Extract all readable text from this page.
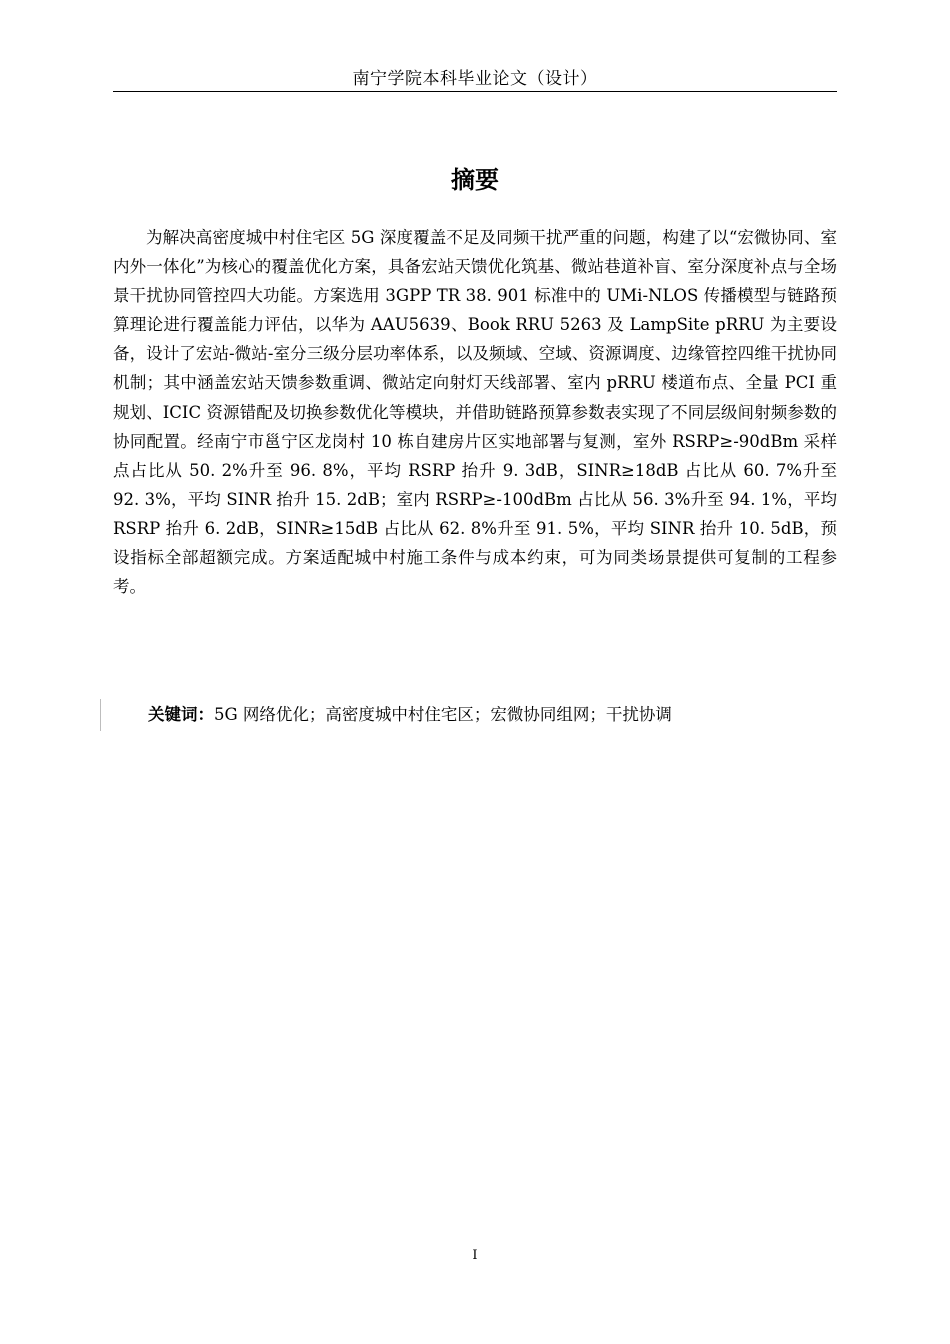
南宁学院本科毕业论文（设计）
摘要

为解决高密度城中村住宅区 5G 深度覆盖不足及同频干扰严重的问题，构建了以“宏微协同、室内外一体化”为核心的覆盖优化方案，具备宏站天馈优化筑基、微站巷道补盲、室分深度补点与全场景干扰协同管控四大功能。方案选用 3GPP TR 38. 901 标准中的 UMi-NLOS 传播模型与链路预算理论进行覆盖能力评估，以华为 AAU5639、Book RRU 5263 及 LampSite pRRU 为主要设备，设计了宏站-微站-室分三级分层功率体系，以及频域、空域、资源调度、边缘管控四维干扰协同机制；其中涵盖宏站天馈参数重调、微站定向射灯天线部署、室内 pRRU 楼道布点、全量 PCI 重规划、ICIC 资源错配及切换参数优化等模块，并借助链路预算参数表实现了不同层级间射频参数的协同配置。经南宁市邕宁区龙岗村 10 栋自建房片区实地部署与复测，室外 RSRP≥-90dBm 采样点占比从 50. 2%升至 96. 8%，平均 RSRP 抬升 9. 3dB，SINR≥18dB 占比从 60. 7%升至 92. 3%，平均 SINR 抬升 15. 2dB；室内 RSRP≥-100dBm 占比从 56. 3%升至 94. 1%，平均 RSRP 抬升 6. 2dB，SINR≥15dB 占比从 62. 8%升至 91. 5%，平均 SINR 抬升 10. 5dB，预设指标全部超额完成。方案适配城中村施工条件与成本约束，可为同类场景提供可复制的工程参考。

关键词：5G 网络优化；高密度城中村住宅区；宏微协同组网；干扰协调
I
